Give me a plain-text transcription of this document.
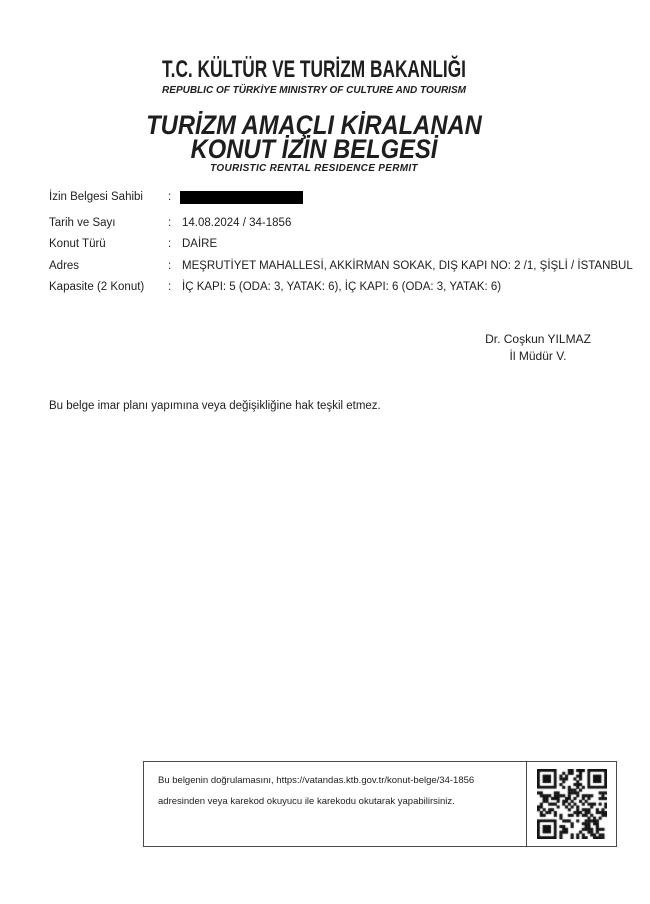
T.C. KÜLTÜR VE TURİZM BAKANLIĞI
REPUBLIC OF TÜRKİYE MINISTRY OF CULTURE AND TOURISM
TURİZM AMAÇLI KİRALANAN
KONUT İZİN BELGESİ
TOURISTIC RENTAL RESIDENCE PERMIT
İzin Belgesi Sahibi	:
Tarih ve Sayı	: 14.08.2024 / 34-1856
Konut Türü	: DAİRE
Adres	: MEŞRUTİYET MAHALLESİ, AKKİRMAN SOKAK, DIŞ KAPI NO: 2 /1, ŞİŞLİ / İSTANBUL
Kapasite (2 Konut)	: İÇ KAPI: 5 (ODA: 3, YATAK: 6), İÇ KAPI: 6 (ODA: 3, YATAK: 6)
Dr. Coşkun YILMAZ
İl Müdür V.
Bu belge imar planı yapımına veya değişikliğine hak teşkil etmez.
Bu belgenin doğrulamasını, https://vatandas.ktb.gov.tr/konut-belge/34-1856
adresinden veya karekod okuyucu ile karekodu okutarak yapabilirsiniz.
